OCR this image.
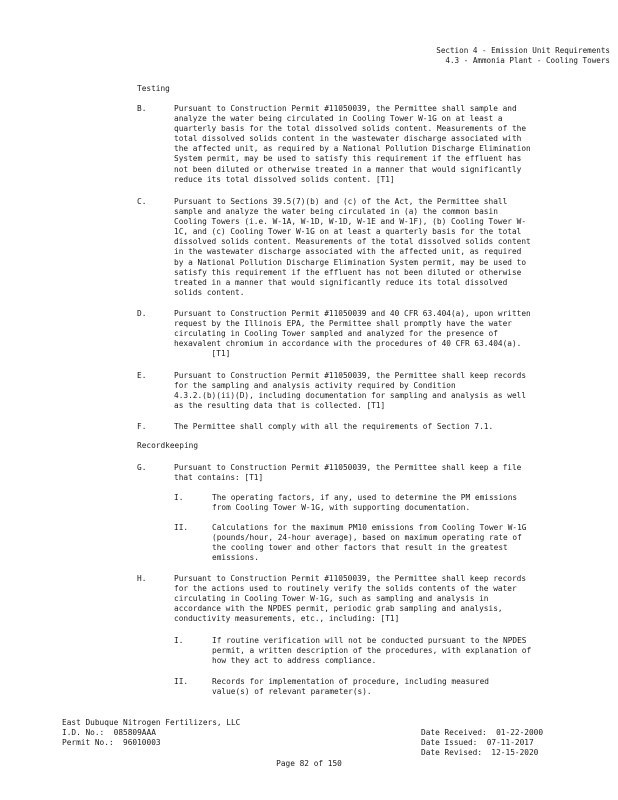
Section 4 - Emission Unit Requirements
4.3 - Ammonia Plant - Cooling Towers
Testing
B.	Pursuant to Construction Permit #11050039, the Permittee shall sample and
analyze the water being circulated in Cooling Tower W-1G on at least a
quarterly basis for the total dissolved solids content. Measurements of the
total dissolved solids content in the wastewater discharge associated with
the affected unit, as required by a National Pollution Discharge Elimination
System permit, may be used to satisfy this requirement if the effluent has
not been diluted or otherwise treated in a manner that would significantly
reduce its total dissolved solids content. [T1]

C.	Pursuant to Sections 39.5(7)(b) and (c) of the Act, the Permittee shall
sample and analyze the water being circulated in (a) the common basin
Cooling Towers (i.e. W-1A, W-1D, W-1D, W-1E and W-1F), (b) Cooling Tower W-
1C, and (c) Cooling Tower W-1G on at least a quarterly basis for the total
dissolved solids content. Measurements of the total dissolved solids content
in the wastewater discharge associated with the affected unit, as required
by a National Pollution Discharge Elimination System permit, may be used to
satisfy this requirement if the effluent has not been diluted or otherwise
treated in a manner that would significantly reduce its total dissolved
solids content.

D.	Pursuant to Construction Permit #11050039 and 40 CFR 63.404(a), upon written
request by the Illinois EPA, the Permittee shall promptly have the water
circulating in Cooling Tower sampled and analyzed for the presence of
hexavalent chromium in accordance with the procedures of 40 CFR 63.404(a).
[T1]

E.	Pursuant to Construction Permit #11050039, the Permittee shall keep records
for the sampling and analysis activity required by Condition
4.3.2.(b)(ii)(D), including documentation for sampling and analysis as well
as the resulting data that is collected. [T1]

F.	The Permittee shall comply with all the requirements of Section 7.1.

Recordkeeping
G.	Pursuant to Construction Permit #11050039, the Permittee shall keep a file
that contains: [T1]

I.	The operating factors, if any, used to determine the PM emissions
from Cooling Tower W-1G, with supporting documentation.

II.	Calculations for the maximum PM10 emissions from Cooling Tower W-1G
(pounds/hour, 24-hour average), based on maximum operating rate of
the cooling tower and other factors that result in the greatest
emissions.

H.	Pursuant to Construction Permit #11050039, the Permittee shall keep records
for the actions used to routinely verify the solids contents of the water
circulating in Cooling Tower W-1G, such as sampling and analysis in
accordance with the NPDES permit, periodic grab sampling and analysis,
conductivity measurements, etc., including: [T1]

I.	If routine verification will not be conducted pursuant to the NPDES
permit, a written description of the procedures, with explanation of
how they act to address compliance.

II.	Records for implementation of procedure, including measured
value(s) of relevant parameter(s).

East Dubuque Nitrogen Fertilizers, LLC
I.D. No.:  085809AAA
Permit No.:  96010003
Date Received:  01-22-2000
Date Issued:  07-11-2017
Date Revised:  12-15-2020
Page 82 of 150
